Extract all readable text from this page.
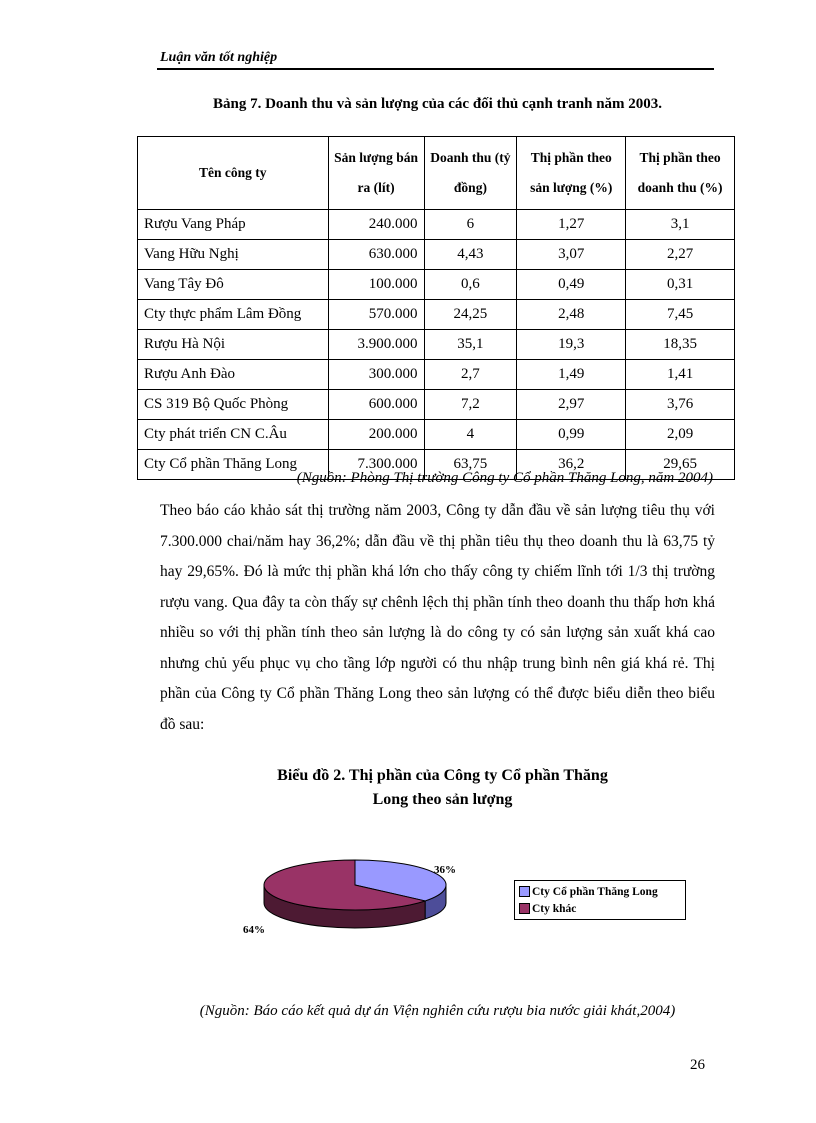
Luận văn tốt nghiệp
Bảng 7. Doanh thu và sản lượng của các đối thủ cạnh tranh năm 2003.
Tên công ty	Sản lượng bán ra (lít)	Doanh thu (tỷ đồng)	Thị phần theo sản lượng (%)	Thị phần theo doanh thu (%)
Rượu Vang Pháp	240.000	6	1,27	3,1
Vang Hữu Nghị	630.000	4,43	3,07	2,27
Vang Tây Đô	100.000	0,6	0,49	0,31
Cty thực phẩm Lâm Đồng	570.000	24,25	2,48	7,45
Rượu Hà Nội	3.900.000	35,1	19,3	18,35
Rượu Anh Đào	300.000	2,7	1,49	1,41
CS 319 Bộ Quốc Phòng	600.000	7,2	2,97	3,76
Cty phát triển CN C.Âu	200.000	4	0,99	2,09
Cty Cổ phần Thăng Long	7.300.000	63,75	36,2	29,65
(Nguồn: Phòng Thị trường Công ty Cổ phần Thăng Long, năm 2004)
Theo báo cáo khảo sát thị trường năm 2003, Công ty dẫn đầu về sản lượng tiêu thụ với 7.300.000 chai/năm hay 36,2%; dẫn đầu về thị phần tiêu thụ theo doanh thu là 63,75 tỷ hay 29,65%. Đó là mức thị phần khá lớn cho thấy công ty chiếm lĩnh tới 1/3 thị trường rượu vang. Qua đây ta còn thấy sự chênh lệch thị phần tính theo doanh thu thấp hơn khá nhiều so với thị phần tính theo sản lượng là do công ty có sản lượng sản xuất khá cao nhưng chủ yếu phục vụ cho tầng lớp người có thu nhập trung bình nên giá khá rẻ. Thị phần của Công ty Cổ phần Thăng Long theo sản lượng có thể được biểu diễn theo biểu đồ sau:
Biểu đồ 2. Thị phần của Công ty Cổ phần Thăng
Long theo sản lượng
36%
64%
Cty Cổ phần Thăng Long
Cty khác
(Nguồn: Báo cáo kết quả dự án Viện nghiên cứu rượu bia nước giải khát,2004)
26
